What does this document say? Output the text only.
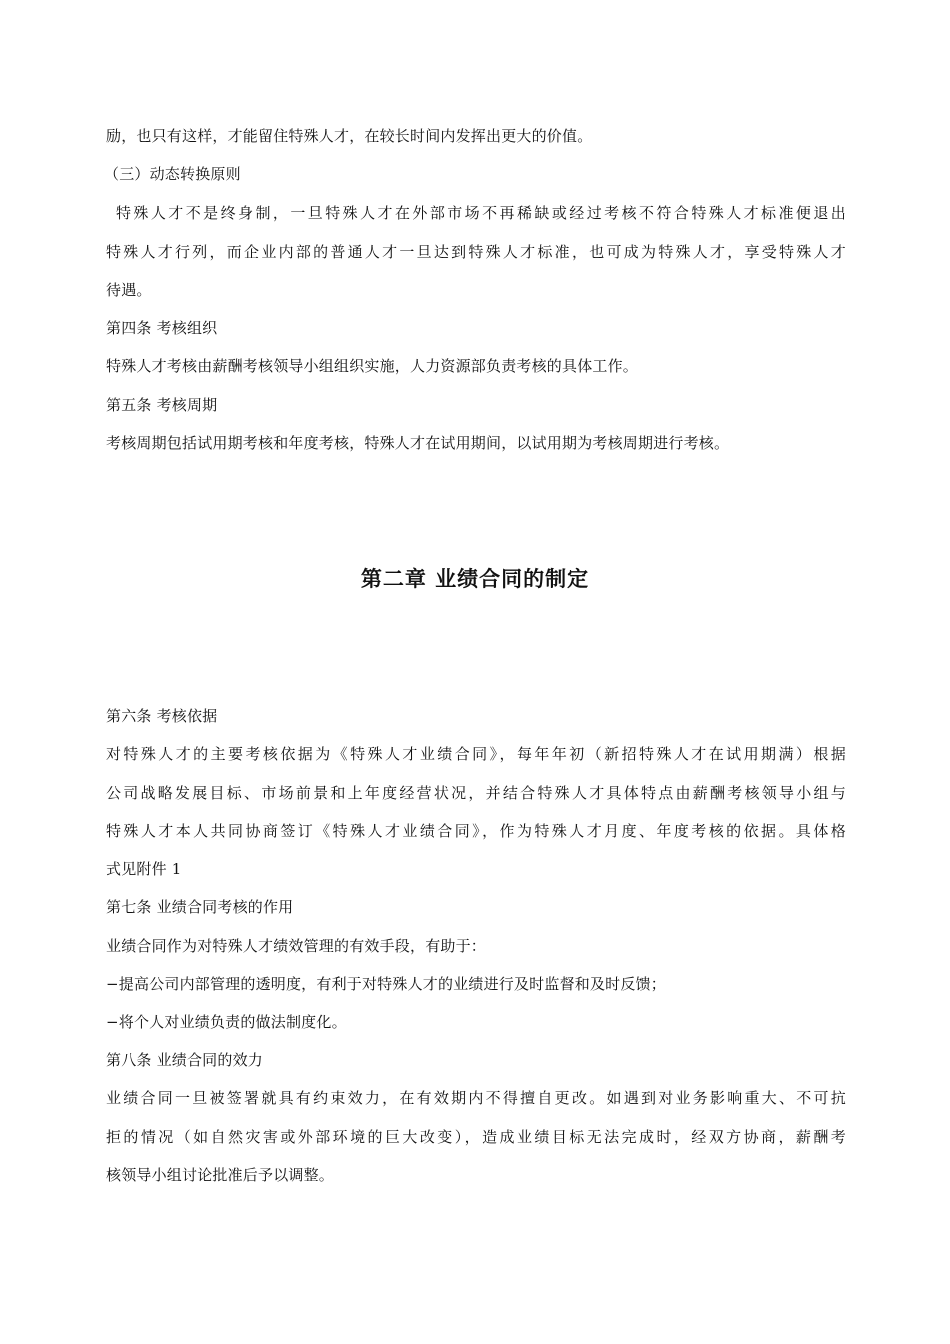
励，也只有这样，才能留住特殊人才，在较长时间内发挥出更大的价值。
（三）动态转换原则
特殊人才不是终身制，一旦特殊人才在外部市场不再稀缺或经过考核不符合特殊人才标准便退出
特殊人才行列，而企业内部的普通人才一旦达到特殊人才标准，也可成为特殊人才，享受特殊人才
待遇。
第四条 考核组织
特殊人才考核由薪酬考核领导小组组织实施，人力资源部负责考核的具体工作。
第五条 考核周期
考核周期包括试用期考核和年度考核，特殊人才在试用期间，以试用期为考核周期进行考核。
第二章 业绩合同的制定
第六条 考核依据
对特殊人才的主要考核依据为《特殊人才业绩合同》，每年年初（新招特殊人才在试用期满）根据
公司战略发展目标、市场前景和上年度经营状况，并结合特殊人才具体特点由薪酬考核领导小组与
特殊人才本人共同协商签订《特殊人才业绩合同》，作为特殊人才月度、年度考核的依据。具体格
式见附件 1
第七条 业绩合同考核的作用
业绩合同作为对特殊人才绩效管理的有效手段，有助于：
−提高公司内部管理的透明度，有利于对特殊人才的业绩进行及时监督和及时反馈；
−将个人对业绩负责的做法制度化。
第八条 业绩合同的效力
业绩合同一旦被签署就具有约束效力，在有效期内不得擅自更改。如遇到对业务影响重大、不可抗
拒的情况（如自然灾害或外部环境的巨大改变），造成业绩目标无法完成时，经双方协商，薪酬考
核领导小组讨论批准后予以调整。
